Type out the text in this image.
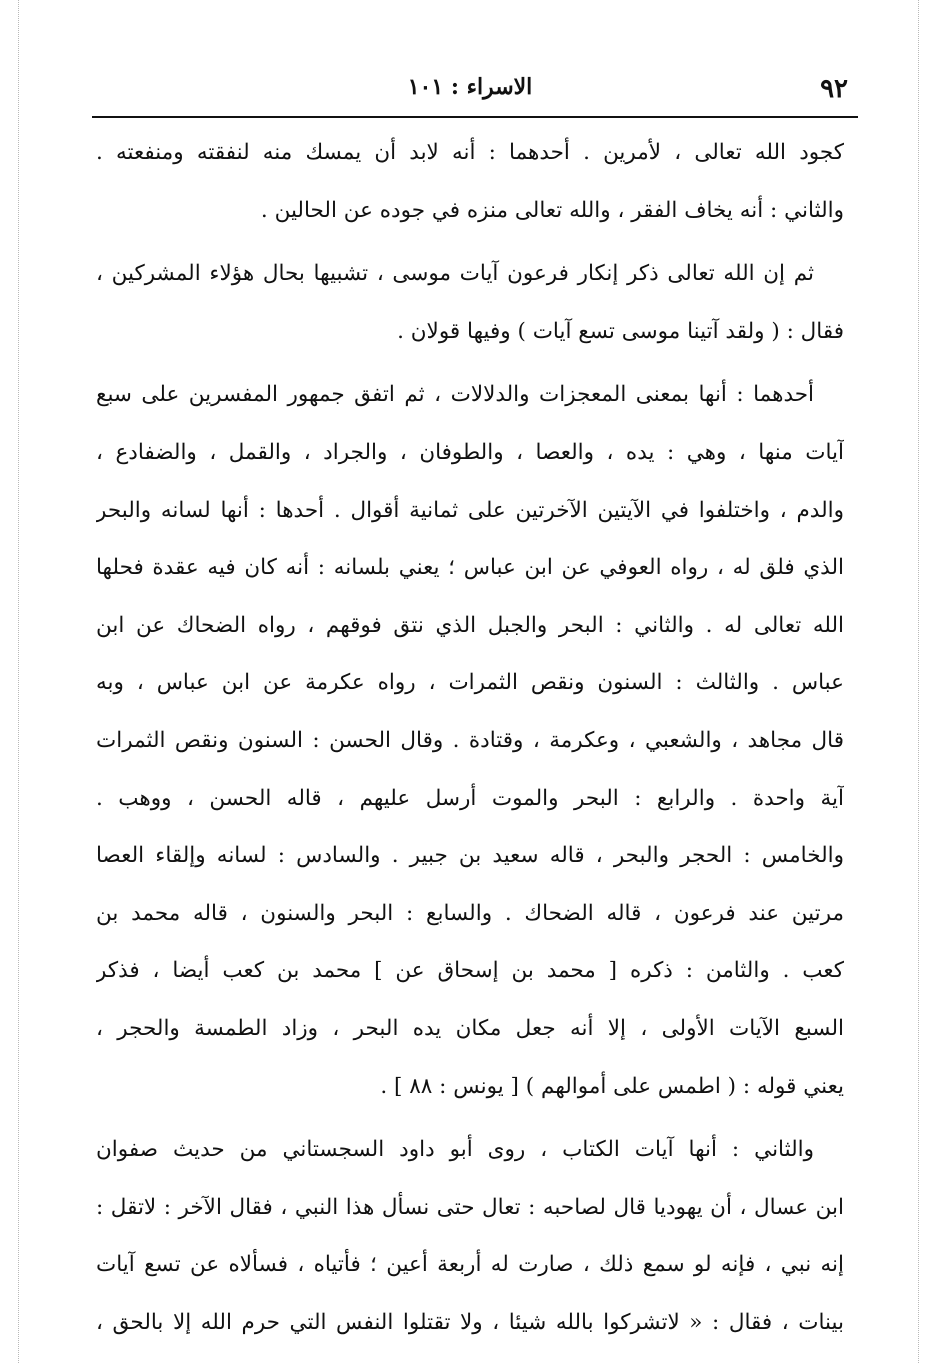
٩٢
الاسراء : ١٠١
كجود الله تعالى ، لأمرين . أحدهما : أنه لابد أن يمسك منه لنفقته ومنفعته .
والثاني : أنه يخاف الفقر ، والله تعالى منزه في جوده عن الحالين .
ثم إن الله تعالى ذكر إنكار فرعون آيات موسى ، تشبيها بحال هؤلاء المشركين ،
فقال : ( ولقد آتينا موسى تسع آيات ) وفيها قولان .
أحدهما : أنها بمعنى المعجزات والدلالات ، ثم اتفق جمهور المفسرين على سبع
آيات منها ، وهي : يده ، والعصا ، والطوفان ، والجراد ، والقمل ، والضفادع ،
والدم ، واختلفوا في الآيتين الآخرتين على ثمانية أقوال . أحدها : أنها لسانه والبحر
الذي فلق له ، رواه العوفي عن ابن عباس ؛ يعني بلسانه : أنه كان فيه عقدة فحلها
الله تعالى له . والثاني : البحر والجبل الذي نتق فوقهم ، رواه الضحاك عن ابن
عباس . والثالث : السنون ونقص الثمرات ، رواه عكرمة عن ابن عباس ، وبه
قال مجاهد ، والشعبي ، وعكرمة ، وقتادة . وقال الحسن : السنون ونقص الثمرات
آية واحدة . والرابع : البحر والموت أرسل عليهم ، قاله الحسن ، ووهب .
والخامس : الحجر والبحر ، قاله سعيد بن جبير . والسادس : لسانه وإلقاء العصا
مرتين عند فرعون ، قاله الضحاك . والسابع : البحر والسنون ، قاله محمد بن
كعب . والثامن : ذكره [ محمد بن إسحاق عن ] محمد بن كعب أيضا ، فذكر
السبع الآيات الأولى ، إلا أنه جعل مكان يده البحر ، وزاد الطمسة والحجر ،
يعني قوله : ( اطمس على أموالهم ) [ يونس : ٨٨ ] .
والثاني : أنها آيات الكتاب ، روى أبو داود السجستاني من حديث صفوان
ابن عسال ، أن يهوديا قال لصاحبه : تعال حتى نسأل هذا النبي ، فقال الآخر : لاتقل :
إنه نبي ، فإنه لو سمع ذلك ، صارت له أربعة أعين ؛ فأتياه ، فسألاه عن تسع آيات
بينات ، فقال : « لاتشركوا بالله شيئا ، ولا تقتلوا النفس التي حرم الله إلا بالحق ،
